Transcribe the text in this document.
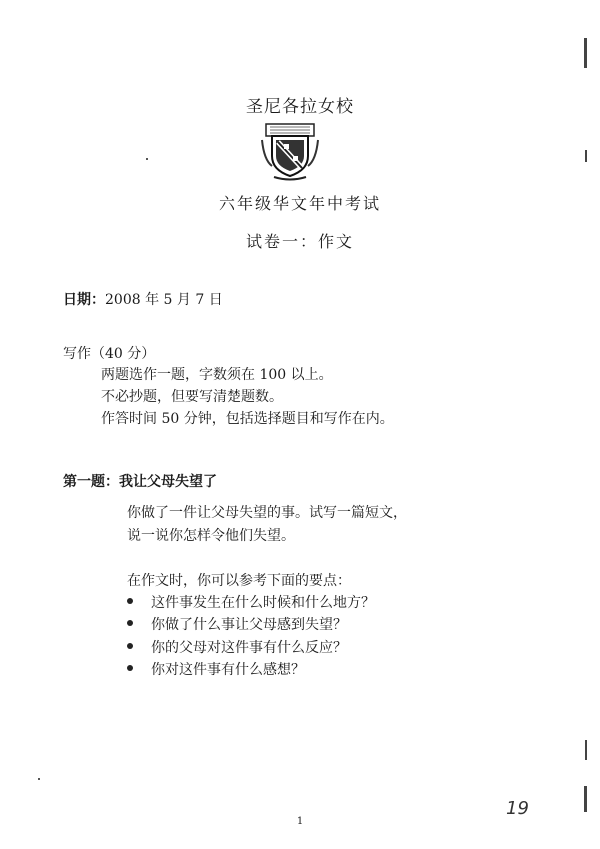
圣尼各拉女校
六年级华文年中考试
试卷一：作文
日期：2008 年 5 月 7 日
写作（40 分）
两题选作一题，字数须在 100 以上。
不必抄题，但要写清楚题数。
作答时间 50 分钟，包括选择题目和写作在内。
第一题：我让父母失望了
你做了一件让父母失望的事。试写一篇短文，
说一说你怎样令他们失望。
在作文时，你可以参考下面的要点：
这件事发生在什么时候和什么地方？
你做了什么事让父母感到失望？
你的父母对这件事有什么反应？
你对这件事有什么感想？
19
1
